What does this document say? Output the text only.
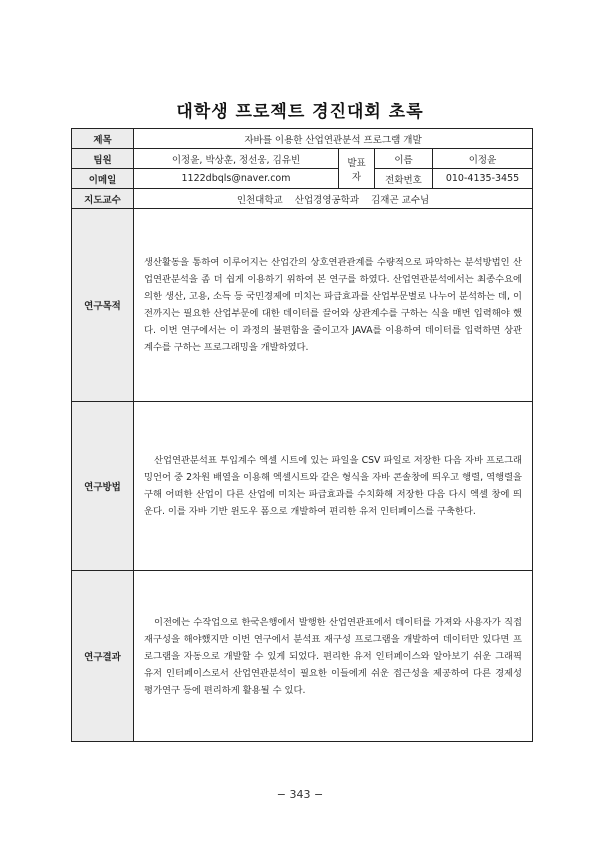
대학생 프로젝트 경진대회 초록
제목	자바를 이용한 산업연관분석 프로그램 개발			
팀원	이정윤, 박상훈, 정선웅, 김유빈	발표자	이름	이정윤
이메일	1122dbqls@naver.com		전화번호	010-4135-3455
지도교수	인천대학교    산업경영공학과    김재곤 교수님			
연구목적	생산활동을 통하여 이루어지는 산업간의 상호연관관계를 수량적으로 파악하는 분석방법인 산업연관분석을 좀 더 쉽게 이용하기 위하여 본 연구를 하였다. 산업연관분석에서는 최종수요에 의한 생산, 고용, 소득 등 국민경제에 미치는 파급효과를 산업부문별로 나누어 분석하는 데, 이전까지는 필요한 산업부문에 대한 데이터를 끌어와 상관계수를 구하는 식을 매번 입력해야 했다. 이번 연구에서는 이 과정의 불편함을 줄이고자 JAVA를 이용하여 데이터를 입력하면 상관계수를 구하는 프로그래밍을 개발하였다.			

연구방법	산업연관분석표 투입계수 엑셀 시트에 있는 파일을 CSV 파일로 저장한 다음 자바 프로그래밍언어 중 2차원 배열을 이용해 엑셀시트와 같은 형식을 자바 콘솔창에 띄우고 행렬, 역행렬을 구해 어떠한 산업이 다른 산업에 미치는 파급효과를 수치화해 저장한 다음 다시 엑셀 창에 띄운다. 이를 자바 기반 윈도우 폼으로 개발하여 편리한 유저 인터페이스를 구축한다.			

연구결과	이전에는 수작업으로 한국은행에서 발행한 산업연관표에서 데이터를 가져와 사용자가 직접 재구성을 해야했지만 이번 연구에서 분석표 재구성 프로그램을 개발하여 데이터만 있다면 프로그램을 자동으로 개발할 수 있게 되었다. 편리한 유저 인터페이스와 알아보기 쉬운 그래픽 유저 인터페이스로서 산업연관분석이 필요한 이들에게 쉬운 접근성을 제공하여 다른 경제성 평가연구 등에 편리하게 활용될 수 있다.			
− 343 −
